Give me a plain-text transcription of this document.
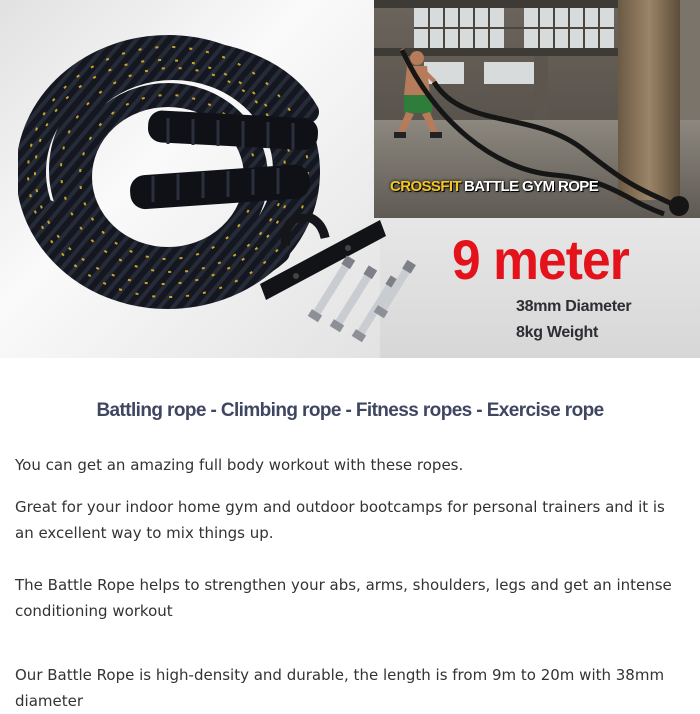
CROSSFIT BATTLE GYM ROPE
9 meter
38mm Diameter
8kg Weight
Battling rope - Climbing rope - Fitness ropes - Exercise rope

You can get an amazing full body workout with these ropes.

Great for your indoor home gym and outdoor bootcamps for personal trainers and it is an excellent way to mix things up.

The Battle Rope helps to strengthen your abs, arms, shoulders, legs and get an intense conditioning workout

Our Battle Rope is high-density and durable, the length is from 9m to 20m with 38mm diameter
